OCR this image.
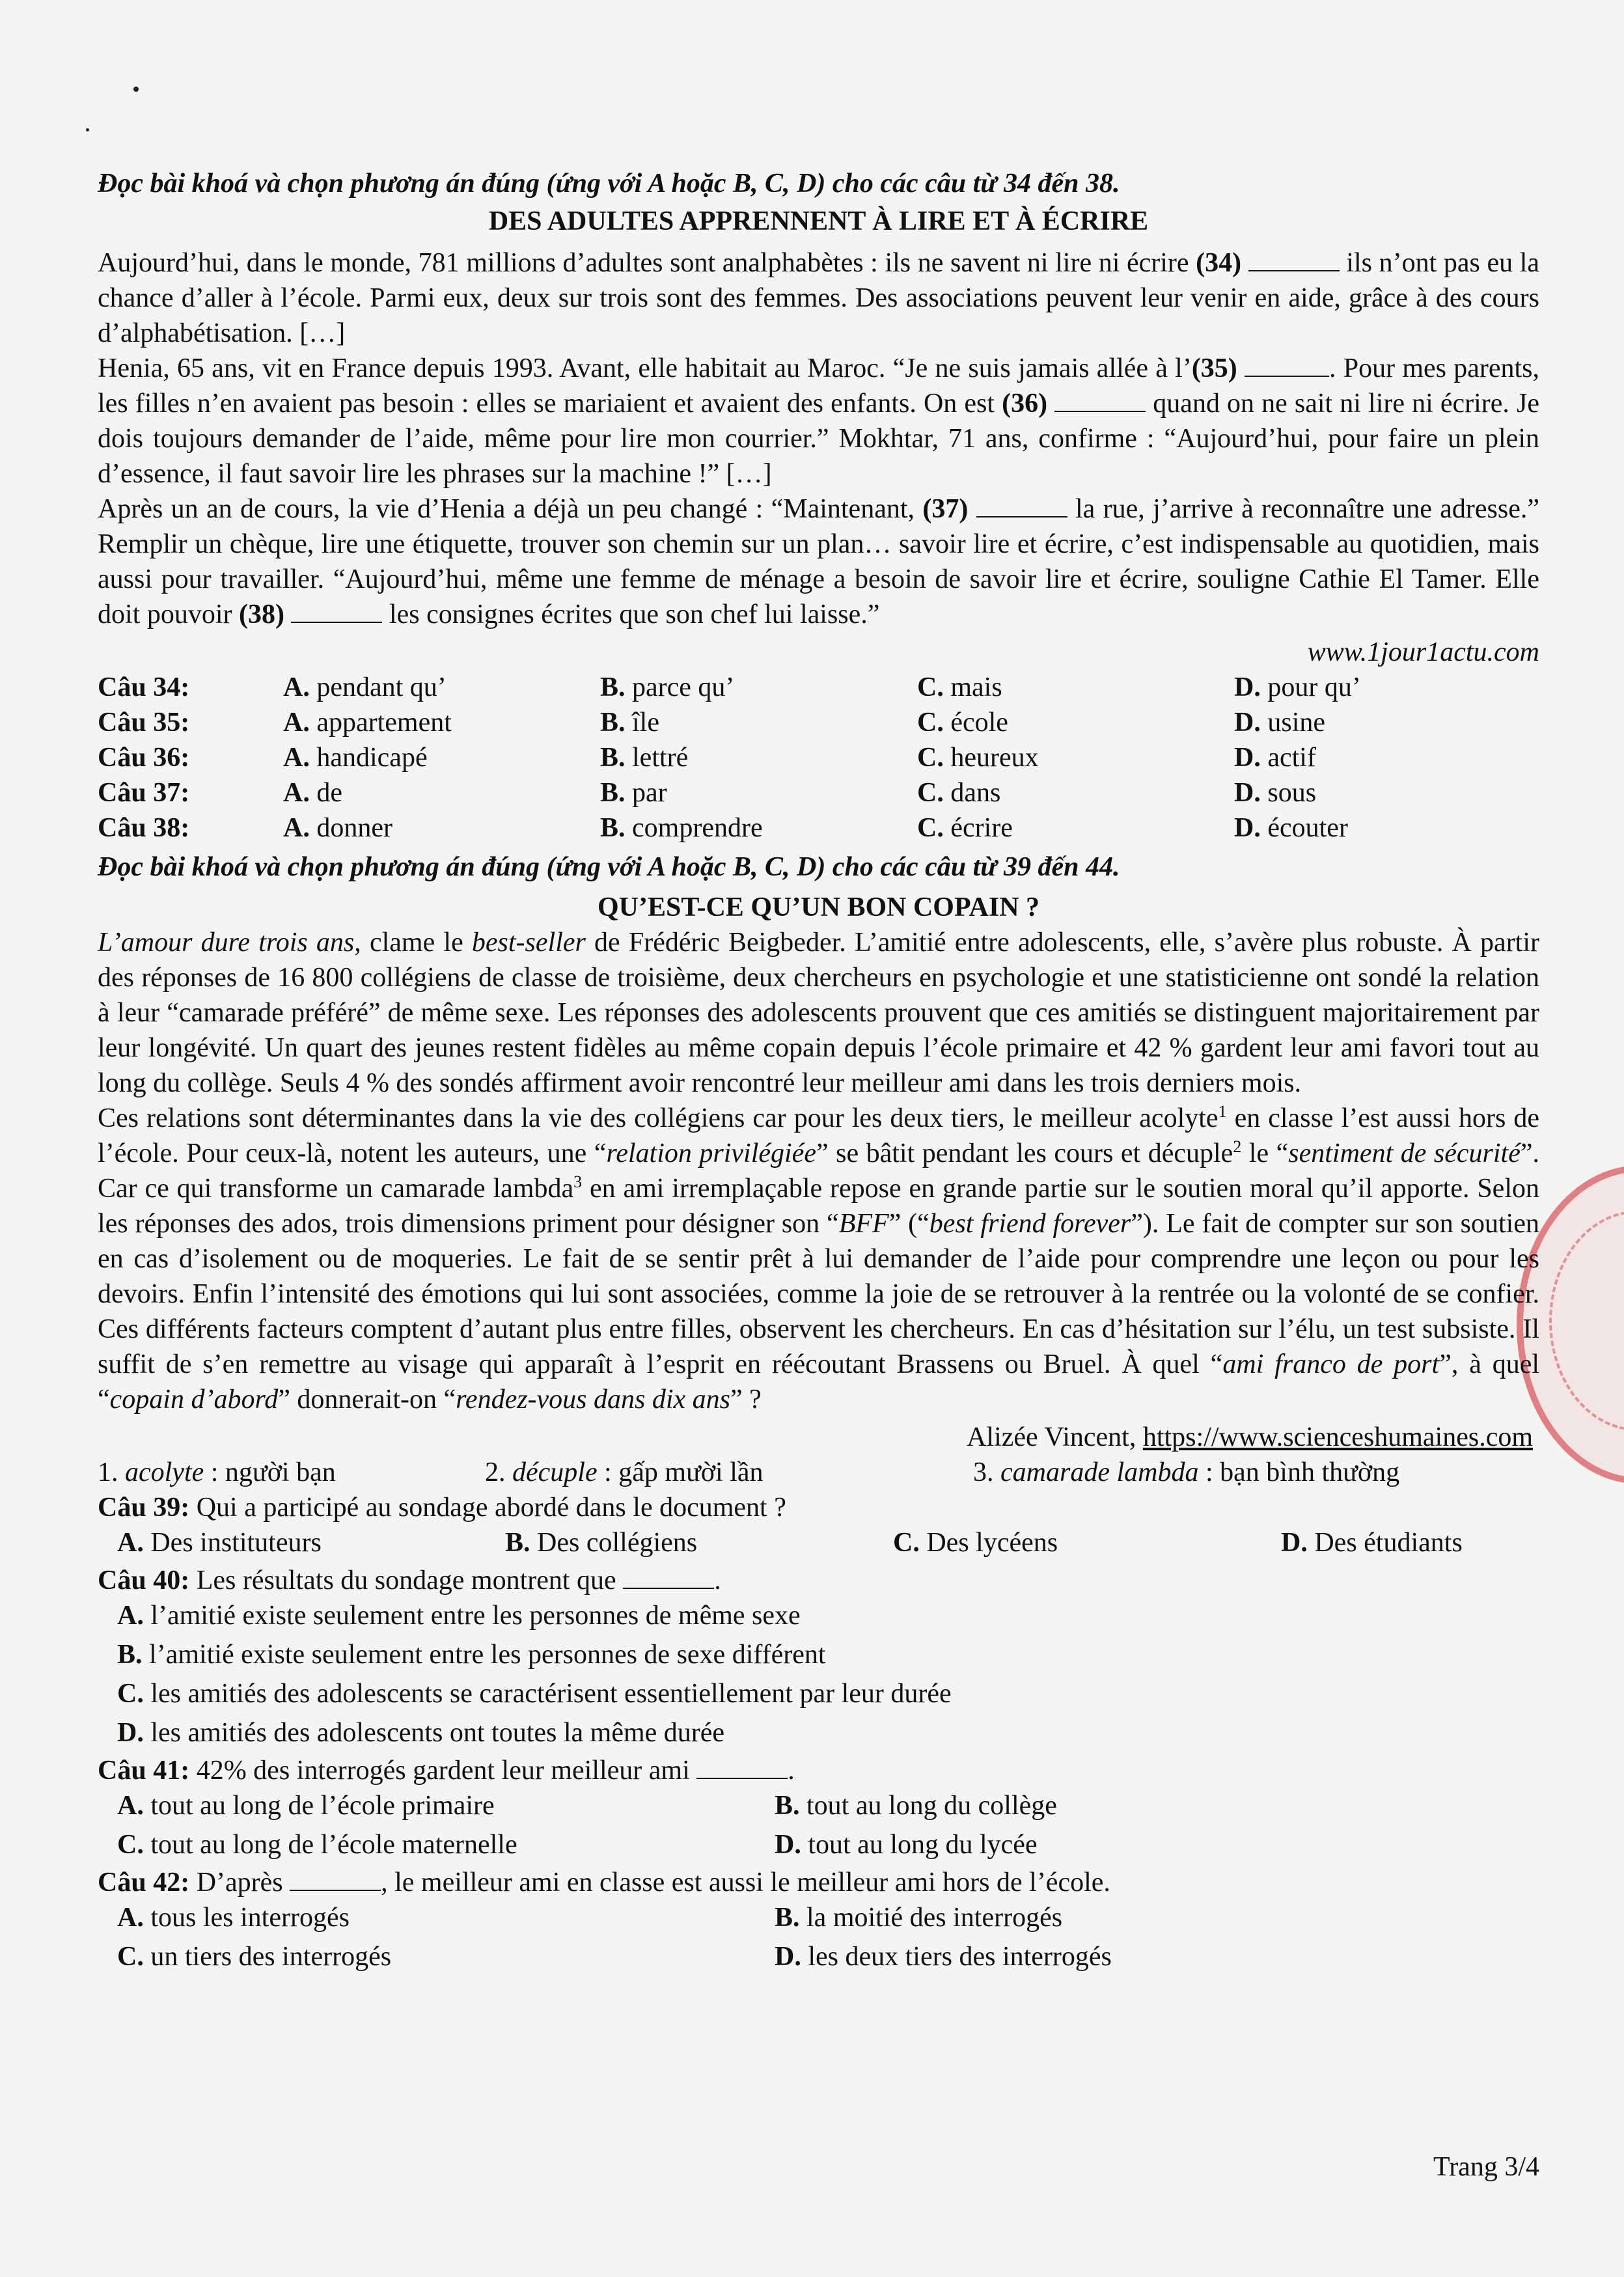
Đọc bài khoá và chọn phương án đúng (ứng với A hoặc B, C, D) cho các câu từ 34 đến 38.

DES ADULTES APPRENNENT À LIRE ET À ÉCRIRE

Aujourd’hui, dans le monde, 781 millions d’adultes sont analphabètes : ils ne savent ni lire ni écrire (34)	ils n’ont pas eu la chance d’aller à l’école. Parmi eux, deux sur trois sont des femmes. Des associations peuvent leur venir en aide, grâce à des cours d’alphabétisation. […]

Henia, 65 ans, vit en France depuis 1993. Avant, elle habitait au Maroc. “Je ne suis jamais allée à l’(35)	. Pour mes parents, les filles n’en avaient pas besoin : elles se mariaient et avaient des enfants. On est (36)	quand on ne sait ni lire ni écrire. Je dois toujours demander de l’aide, même pour lire mon courrier.” Mokhtar, 71 ans, confirme : “Aujourd’hui, pour faire un plein d’essence, il faut savoir lire les phrases sur la machine !” […]

Après un an de cours, la vie d’Henia a déjà un peu changé : “Maintenant, (37)	la rue, j’arrive à reconnaître une adresse.” Remplir un chèque, lire une étiquette, trouver son chemin sur un plan… savoir lire et écrire, c’est indispensable au quotidien, mais aussi pour travailler. “Aujourd’hui, même une femme de ménage a besoin de savoir lire et écrire, souligne Cathie El Tamer. Elle doit pouvoir (38)	les consignes écrites que son chef lui laisse.”

www.1jour1actu.com

Câu 34:	A. pendant qu’	B. parce qu’	C. mais	D. pour qu’
Câu 35:	A. appartement	B. île	C. école	D. usine
Câu 36:	A. handicapé	B. lettré	C. heureux	D. actif
Câu 37:	A. de	B. par	C. dans	D. sous
Câu 38:	A. donner	B. comprendre	C. écrire	D. écouter

Đọc bài khoá và chọn phương án đúng (ứng với A hoặc B, C, D) cho các câu từ 39 đến 44.

QU’EST-CE QU’UN BON COPAIN ?

L’amour dure trois ans, clame le best-seller de Frédéric Beigbeder. L’amitié entre adolescents, elle, s’avère plus robuste. À partir des réponses de 16 800 collégiens de classe de troisième, deux chercheurs en psychologie et une statisticienne ont sondé la relation à leur “camarade préféré” de même sexe. Les réponses des adolescents prouvent que ces amitiés se distinguent majoritairement par leur longévité. Un quart des jeunes restent fidèles au même copain depuis l’école primaire et 42 % gardent leur ami favori tout au long du collège. Seuls 4 % des sondés affirment avoir rencontré leur meilleur ami dans les trois derniers mois.

Ces relations sont déterminantes dans la vie des collégiens car pour les deux tiers, le meilleur acolyte$^1$ en classe l’est aussi hors de l’école. Pour ceux-là, notent les auteurs, une “relation privilégiée” se bâtit pendant les cours et décuple$^2$ le “sentiment de sécurité”. Car ce qui transforme un camarade lambda$^3$ en ami irremplaçable repose en grande partie sur le soutien moral qu’il apporte. Selon les réponses des ados, trois dimensions priment pour désigner son “BFF” (“best friend forever”). Le fait de compter sur son soutien en cas d’isolement ou de moqueries. Le fait de se sentir prêt à lui demander de l’aide pour comprendre une leçon ou pour les devoirs. Enfin l’intensité des émotions qui lui sont associées, comme la joie de se retrouver à la rentrée ou la volonté de se confier. Ces différents facteurs comptent d’autant plus entre filles, observent les chercheurs. En cas d’hésitation sur l’élu, un test subsiste. Il suffit de s’en remettre au visage qui apparaît à l’esprit en réécoutant Brassens ou Bruel. À quel “ami franco de port”, à quel “copain d’abord” donnerait-on “rendez-vous dans dix ans” ?

Alizée Vincent, https://www.scienceshumaines.com

1. acolyte : người bạn	2. décuple : gấp mười lần	3. camarade lambda : bạn bình thường

Câu 39: Qui a participé au sondage abordé dans le document ?

A. Des instituteurs	B. Des collégiens	C. Des lycéens	D. Des étudiants

Câu 40: Les résultats du sondage montrent que	.

A. l’amitié existe seulement entre les personnes de même sexe

B. l’amitié existe seulement entre les personnes de sexe différent

C. les amitiés des adolescents se caractérisent essentiellement par leur durée

D. les amitiés des adolescents ont toutes la même durée

Câu 41: 42% des interrogés gardent leur meilleur ami	.

A. tout au long de l’école primaire	B. tout au long du collège
C. tout au long de l’école maternelle	D. tout au long du lycée

Câu 42: D’après	, le meilleur ami en classe est aussi le meilleur ami hors de l’école.

A. tous les interrogés	B. la moitié des interrogés
C. un tiers des interrogés	D. les deux tiers des interrogés
Trang 3/4
